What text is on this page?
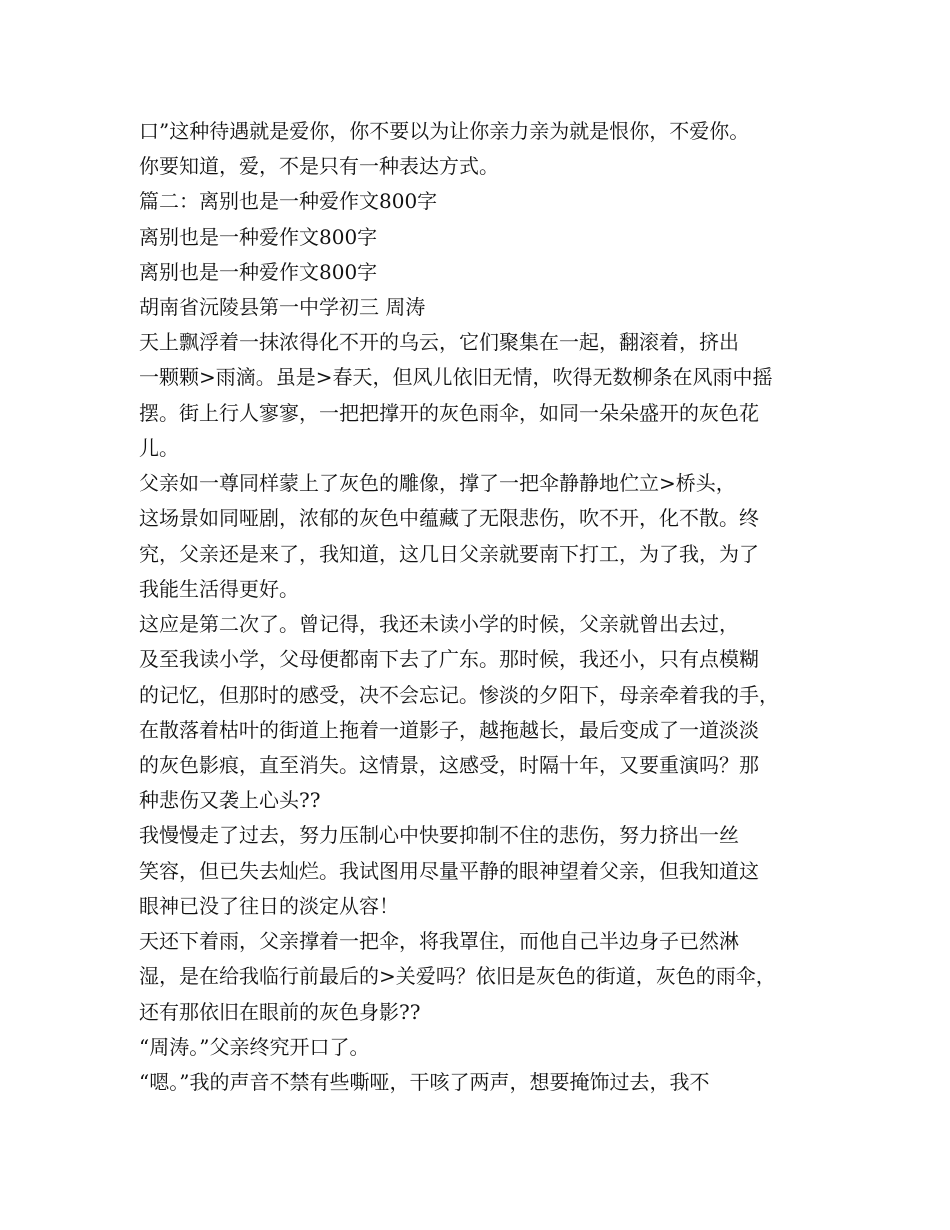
口”这种待遇就是爱你，你不要以为让你亲力亲为就是恨你，不爱你。
你要知道，爱，不是只有一种表达方式。
篇二：离别也是一种爱作文800字
离别也是一种爱作文800字
离别也是一种爱作文800字
胡南省沅陵县第一中学初三 周涛
天上飘浮着一抹浓得化不开的乌云，它们聚集在一起，翻滚着，挤出
一颗颗>雨滴。虽是>春天，但风儿依旧无情，吹得无数柳条在风雨中摇
摆。街上行人寥寥，一把把撑开的灰色雨伞，如同一朵朵盛开的灰色花
儿。
父亲如一尊同样蒙上了灰色的雕像，撑了一把伞静静地伫立>桥头，
这场景如同哑剧，浓郁的灰色中蕴藏了无限悲伤，吹不开，化不散。终
究，父亲还是来了，我知道，这几日父亲就要南下打工，为了我，为了
我能生活得更好。
这应是第二次了。曾记得，我还未读小学的时候，父亲就曾出去过，
及至我读小学，父母便都南下去了广东。那时候，我还小，只有点模糊
的记忆，但那时的感受，决不会忘记。惨淡的夕阳下，母亲牵着我的手，
在散落着枯叶的街道上拖着一道影子，越拖越长，最后变成了一道淡淡
的灰色影痕，直至消失。这情景，这感受，时隔十年，又要重演吗？那
种悲伤又袭上心头??
我慢慢走了过去，努力压制心中快要抑制不住的悲伤，努力挤出一丝
笑容，但已失去灿烂。我试图用尽量平静的眼神望着父亲，但我知道这
眼神已没了往日的淡定从容！
天还下着雨，父亲撑着一把伞，将我罩住，而他自己半边身子已然淋
湿，是在给我临行前最后的>关爱吗？依旧是灰色的街道，灰色的雨伞，
还有那依旧在眼前的灰色身影??
“周涛。”父亲终究开口了。
“嗯。”我的声音不禁有些嘶哑，干咳了两声，想要掩饰过去，我不
